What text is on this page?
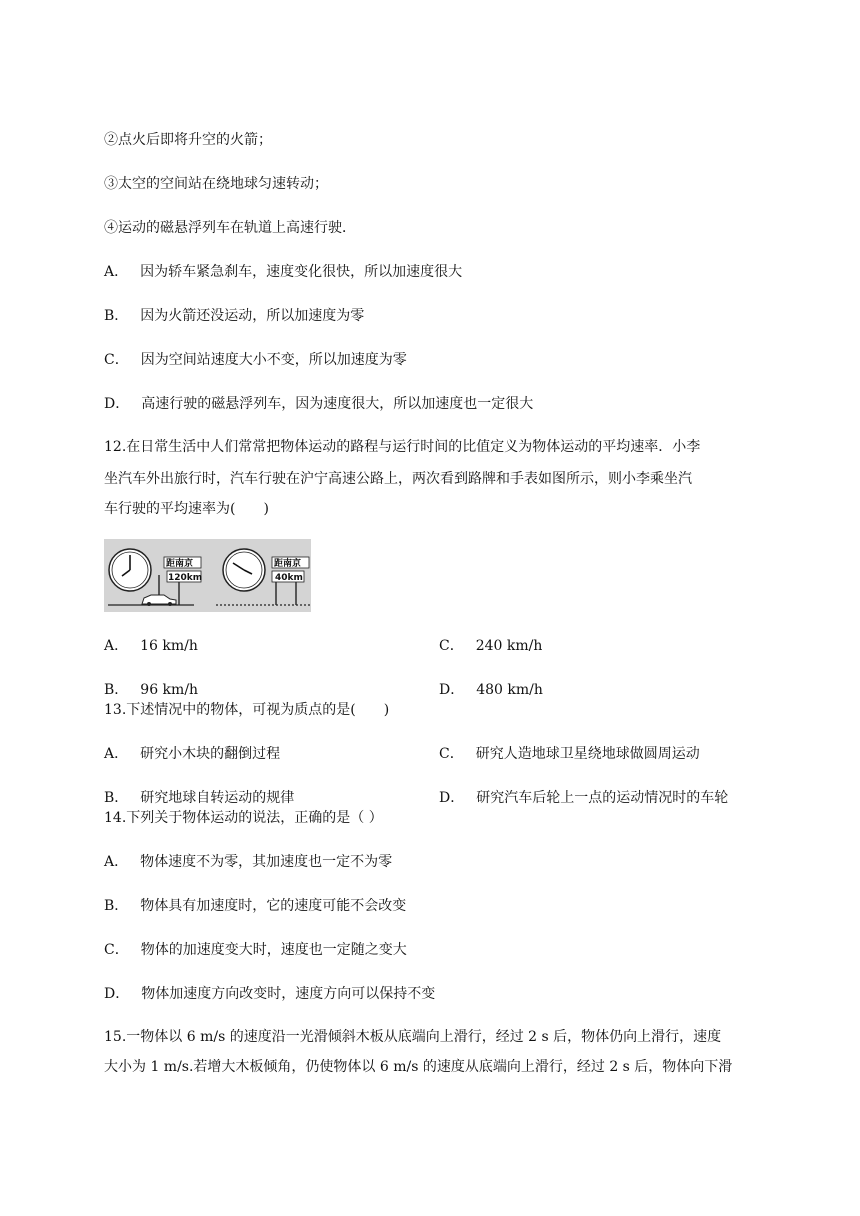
②点火后即将升空的火箭；
③太空的空间站在绕地球匀速转动；
④运动的磁悬浮列车在轨道上高速行驶．
A． 因为轿车紧急刹车，速度变化很快，所以加速度很大
B． 因为火箭还没运动，所以加速度为零
C． 因为空间站速度大小不变，所以加速度为零
D． 高速行驶的磁悬浮列车，因为速度很大，所以加速度也一定很大
12.在日常生活中人们常常把物体运动的路程与运行时间的比值定义为物体运动的平均速率．小李
坐汽车外出旅行时，汽车行驶在沪宁高速公路上，两次看到路牌和手表如图所示，则小李乘坐汽
车行驶的平均速率为(　　)
距南京
120km
距南京
40km
A． 16 km/h	C． 240 km/h
B． 96 km/h	D． 480 km/h
13.下述情况中的物体，可视为质点的是(　　)
A． 研究小木块的翻倒过程	C． 研究人造地球卫星绕地球做圆周运动
B． 研究地球自转运动的规律	D． 研究汽车后轮上一点的运动情况时的车轮
14.下列关于物体运动的说法，正确的是（ ）
A． 物体速度不为零，其加速度也一定不为零
B． 物体具有加速度时，它的速度可能不会改变
C． 物体的加速度变大时，速度也一定随之变大
D． 物体加速度方向改变时，速度方向可以保持不变
15.一物体以 6 m/s 的速度沿一光滑倾斜木板从底端向上滑行，经过 2 s 后，物体仍向上滑行，速度
大小为 1 m/s.若增大木板倾角，仍使物体以 6 m/s 的速度从底端向上滑行，经过 2 s 后，物体向下滑
